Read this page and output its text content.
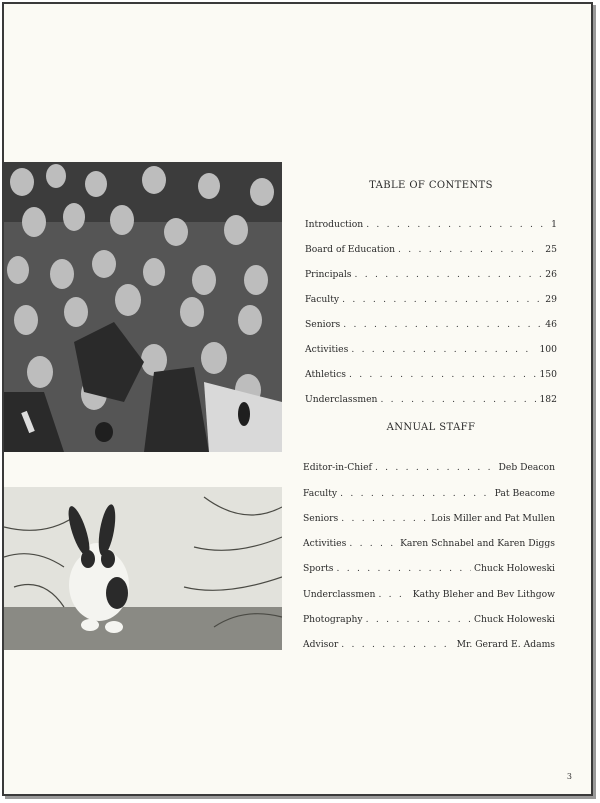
TABLE OF CONTENTS
Introduction . . .	1
Board of Education . . .	25
Principals . . .	26
Faculty . . .	29
Seniors . . .	46
Activities . . .	100
Athletics . . .	150
Underclassmen . . .	182
ANNUAL STAFF
Editor-in-Chief . . .	Deb Deacon
Faculty . . .	Pat Beacome
Seniors . . .	Lois Miller and Pat Mullen
Activities . . .	Karen Schnabel and Karen Diggs
Sports . . .	Chuck Holoweski
Underclassmen . . .	Kathy Bleher and Bev Lithgow
Photography . . .	Chuck Holoweski
Advisor . . .	Mr. Gerard E. Adams
3
